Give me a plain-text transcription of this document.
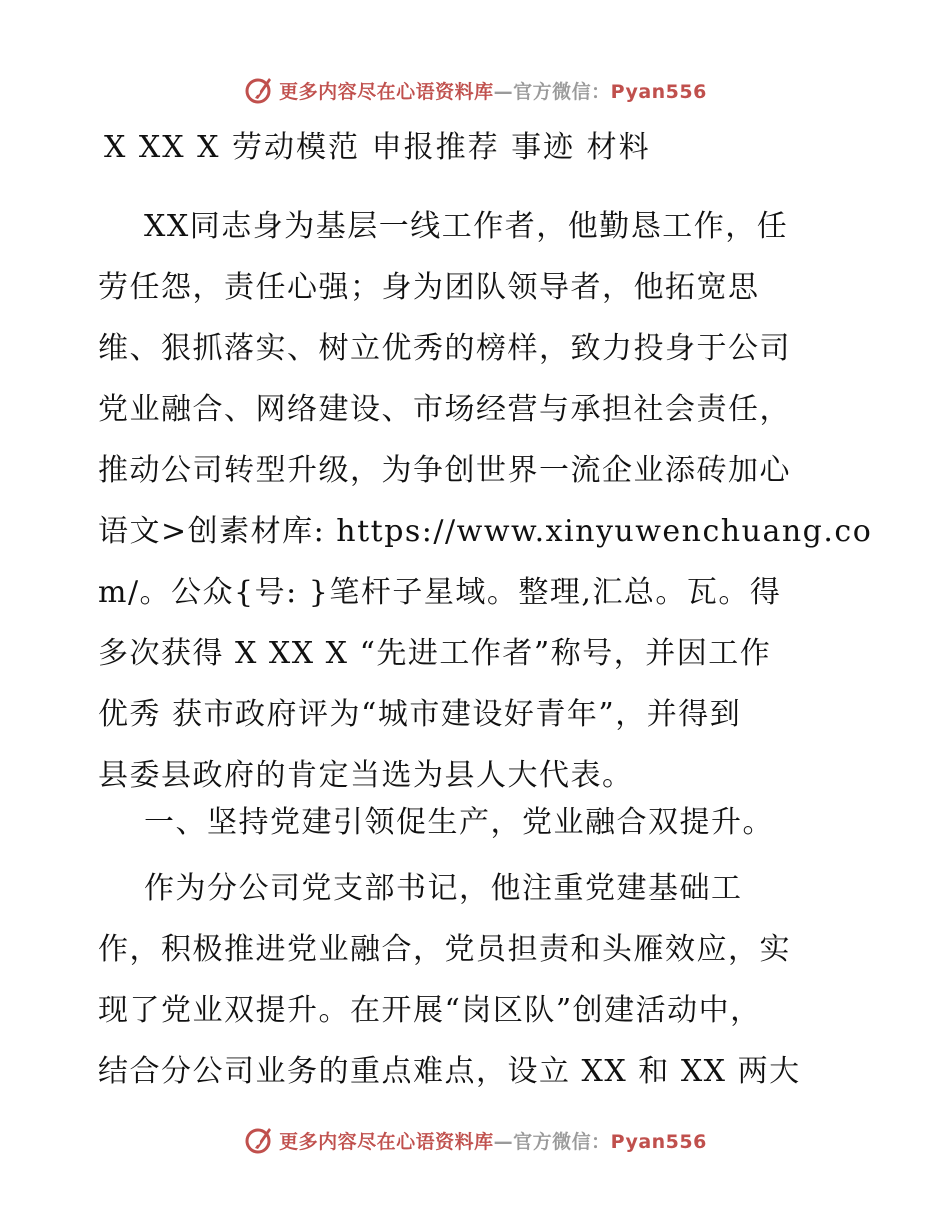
更多内容尽在心语资料库—官方微信：Pyan556
X XX X 劳动模范 申报推荐 事迹 材料
XX同志身为基层一线工作者，他勤恳工作，任
劳任怨，责任心强；身为团队领导者，他拓宽思
维、狠抓落实、树立优秀的榜样，致力投身于公司
党业融合、网络建设、市场经营与承担社会责任，
推动公司转型升级，为争创世界一流企业添砖加心
语文>创素材库: https://www.xinyuwenchuang.co
m/。公众{号: }笔杆子星域。整理,汇总。瓦。得
多次获得 X XX X “先进工作者”称号，并因工作
优秀 获市政府评为“城市建设好青年”，并得到
县委县政府的肯定当选为县人大代表。
一、坚持党建引领促生产，党业融合双提升。
作为分公司党支部书记，他注重党建基础工
作，积极推进党业融合，党员担责和头雁效应，实
现了党业双提升。在开展“岗区队”创建活动中，
结合分公司业务的重点难点，设立 XX 和 XX 两大
更多内容尽在心语资料库—官方微信：Pyan556
